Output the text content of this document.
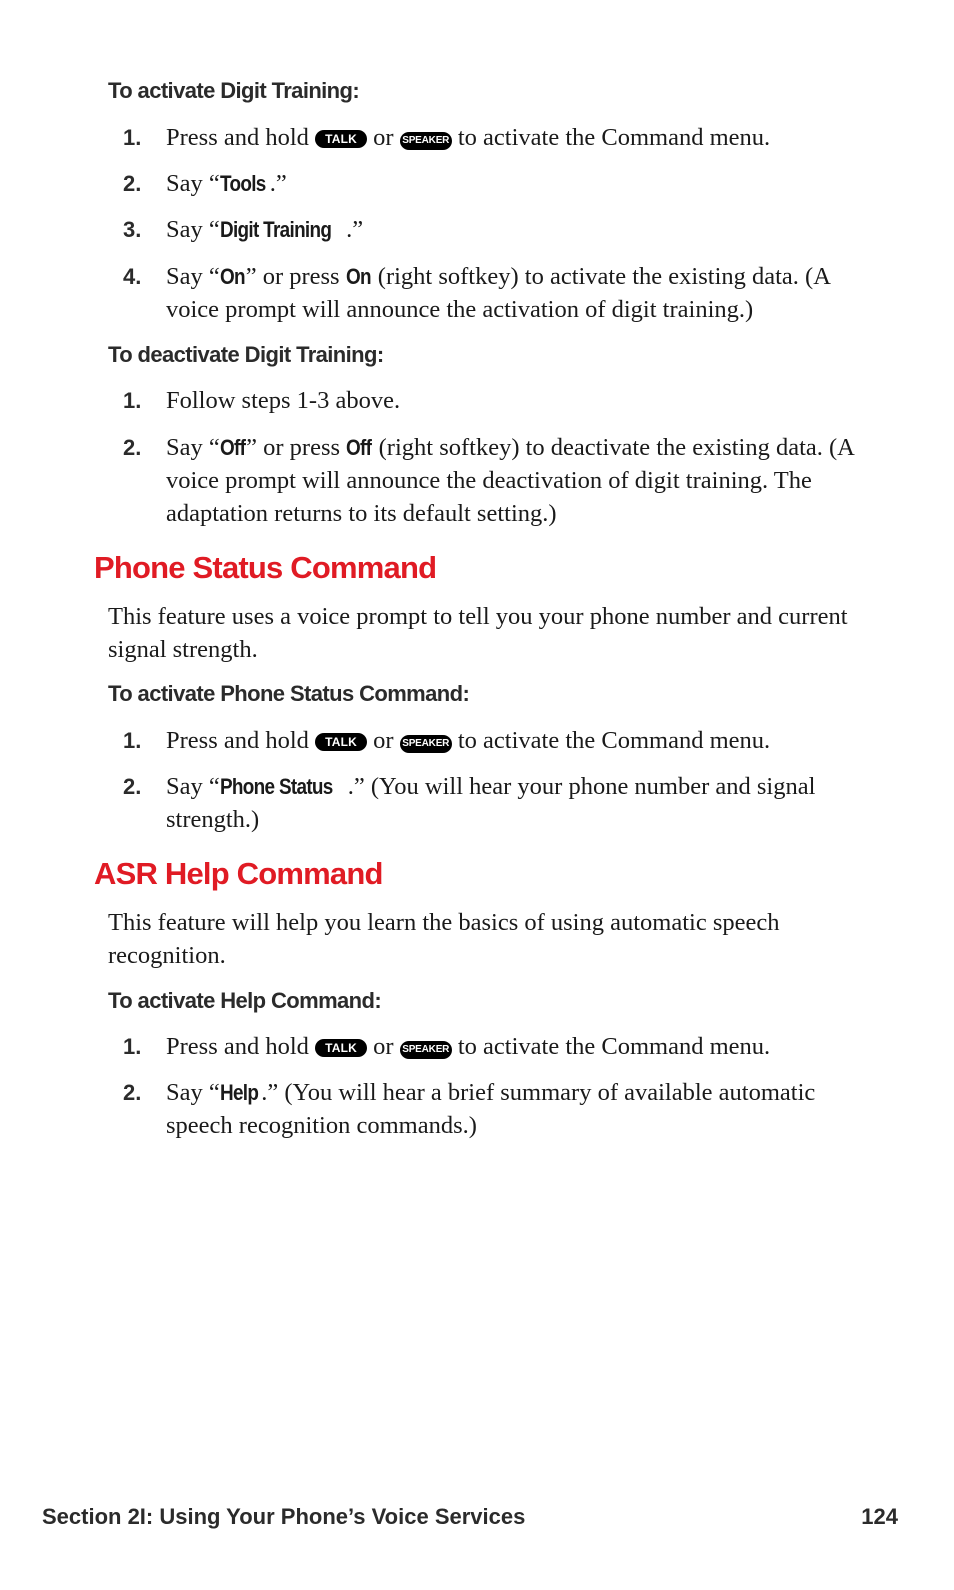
To activate Digit Training:

1. Press and hold TALK or SPEAKER to activate the Command menu.

2. Say “Tools .”

3. Say “Digit Training .”

4. Say “On” or press On (right softkey) to activate the existing data. (A voice prompt will announce the activation of digit training.)

To deactivate Digit Training:

1. Follow steps 1-3 above.

2. Say “Off” or press Off (right softkey) to deactivate the existing data. (A voice prompt will announce the deactivation of digit training. The adaptation returns to its default setting.)

Phone Status Command

This feature uses a voice prompt to tell you your phone number and current signal strength.

To activate Phone Status Command:

1. Press and hold TALK or SPEAKER to activate the Command menu.

2. Say “Phone Status .” (You will hear your phone number and signal strength.)

ASR Help Command

This feature will help you learn the basics of using automatic speech recognition.

To activate Help Command:

1. Press and hold TALK or SPEAKER to activate the Command menu.

2. Say “Help .” (You will hear a brief summary of available automatic speech recognition commands.)

Section 2I: Using Your Phone’s Voice Services	124
